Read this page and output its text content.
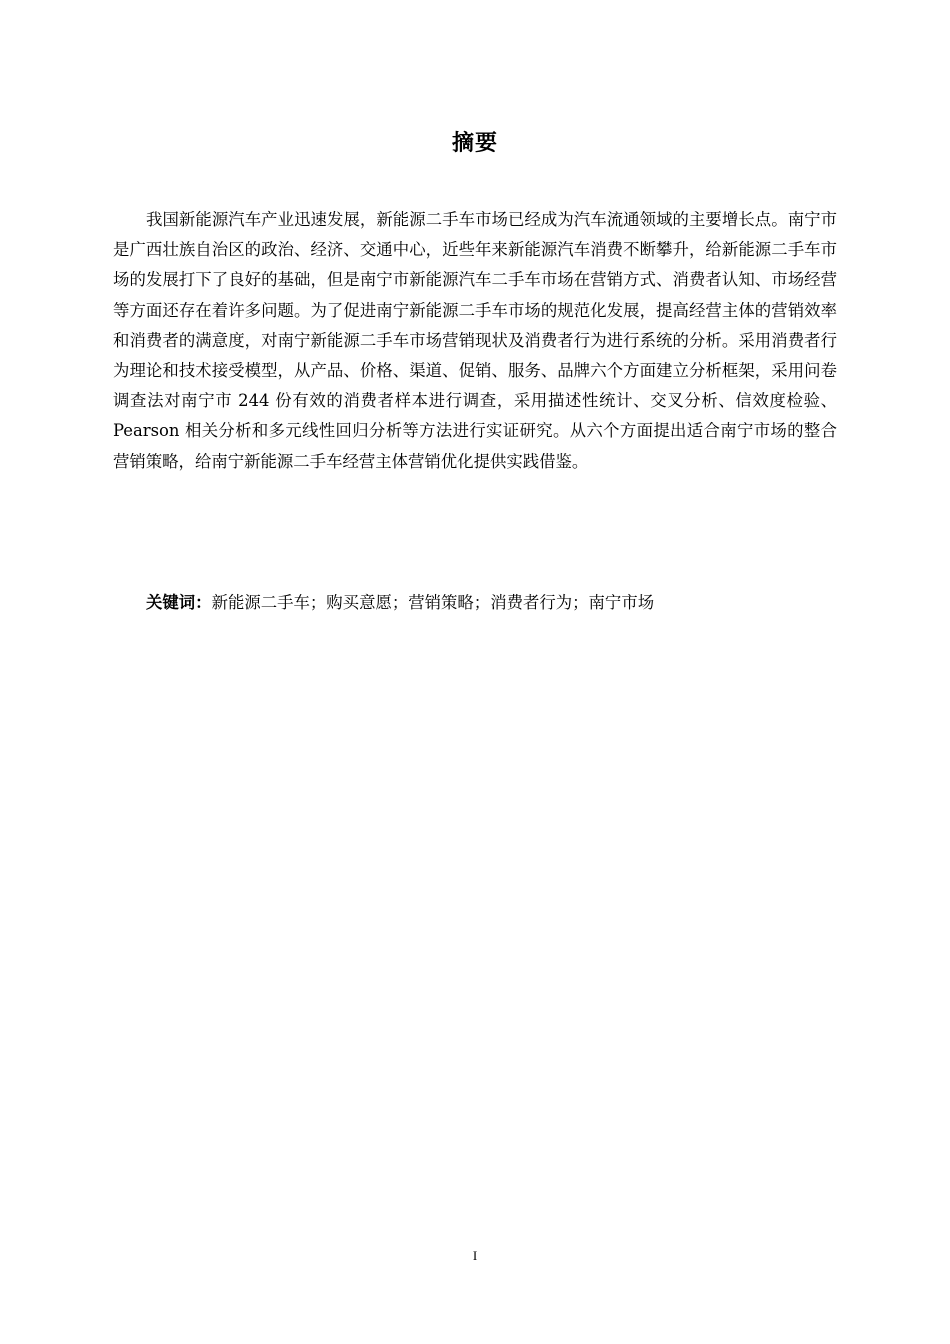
摘要

我国新能源汽车产业迅速发展，新能源二手车市场已经成为汽车流通领域的主要增长点。南宁市是广西壮族自治区的政治、经济、交通中心，近些年来新能源汽车消费不断攀升，给新能源二手车市场的发展打下了良好的基础，但是南宁市新能源汽车二手车市场在营销方式、消费者认知、市场经营等方面还存在着许多问题。为了促进南宁新能源二手车市场的规范化发展，提高经营主体的营销效率和消费者的满意度，对南宁新能源二手车市场营销现状及消费者行为进行系统的分析。采用消费者行为理论和技术接受模型，从产品、价格、渠道、促销、服务、品牌六个方面建立分析框架，采用问卷调查法对南宁市 244 份有效的消费者样本进行调查，采用描述性统计、交叉分析、信效度检验、Pearson 相关分析和多元线性回归分析等方法进行实证研究。从六个方面提出适合南宁市场的整合营销策略，给南宁新能源二手车经营主体营销优化提供实践借鉴。

关键词：新能源二手车；购买意愿；营销策略；消费者行为；南宁市场
I
